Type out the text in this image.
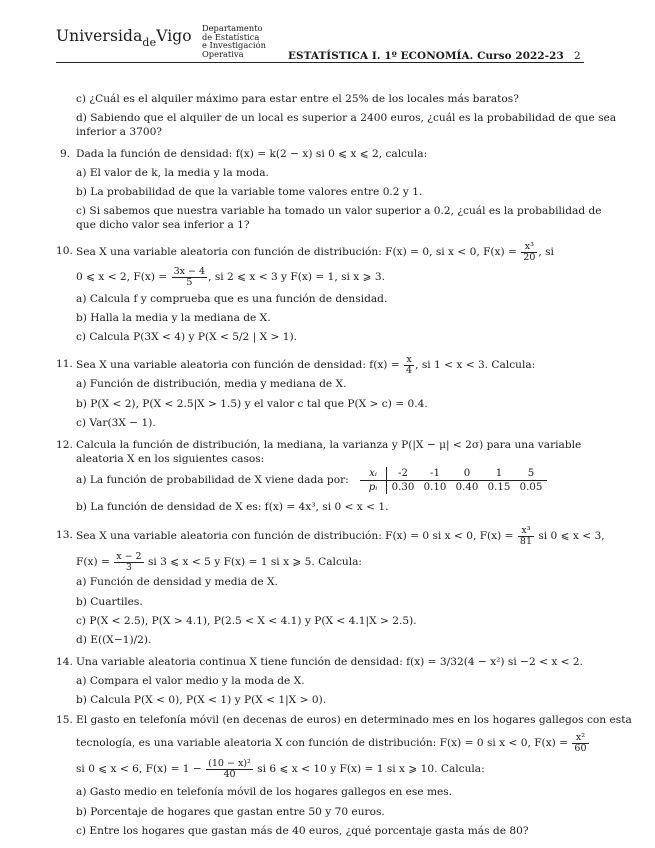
Universida$_{de}$Vigo Departamento
de Estatística
e Investigación
Operativa	ESTATÍSTICA I. 1º ECONOMÍA. Curso 2022-23 2
c) ¿Cuál es el alquiler máximo para estar entre el 25% de los locales más baratos?
d) Sabiendo que el alquiler de un local es superior a 2400 euros, ¿cuál es la probabilidad de que sea
inferior a 3700?
9. Dada la función de densidad: f(x) = k(2 − x) si 0 ⩽ x ⩽ 2, calcula:
a) El valor de k, la media y la moda.
b) La probabilidad de que la variable tome valores entre 0.2 y 1.
c) Si sabemos que nuestra variable ha tomado un valor superior a 0.2, ¿cuál es la probabilidad de
que dicho valor sea inferior a 1?
10. Sea X una variable aleatoria con función de distribución: F(x) = 0, si x < 0, $F(x) = \frac{\text{x³}}{20}$ , si
0 ⩽ x < 2, $F(x) = \frac{3x - 4}{5}$ , si 2 ⩽ x < 3 y F(x) = 1, si x ⩾ 3.
a) Calcula f y comprueba que es una función de densidad.
b) Halla la media y la mediana de X.
c) Calcula P(3X < 4) y P(X < 5/2 | X > 1).
11. Sea X una variable aleatoria con función de densidad: $f(x) = \frac{x}{4}$ , si 1 < x < 3. Calcula:
a) Función de distribución, media y mediana de X.
b) P(X < 2), P(X < 2.5|X > 1.5) y el valor c tal que P(X > c) = 0.4.
c) Var(3X − 1).
12. Calcula la función de distribución, la mediana, la varianza y P(|X − μ| < 2σ) para una variable
aleatoria X en los siguientes casos:
a) La función de probabilidad de X viene dada por:
xᵢ	-2	-1	0	1	5
pᵢ	0.30	0.10	0.40	0.15	0.05
b) La función de densidad de X es: f(x) = 4x³, si 0 < x < 1.
13. Sea X una variable aleatoria con función de distribución: F(x) = 0 si x < 0, $F(x) = \frac{\text{x³}}{81}$ si 0 ⩽ x < 3,
$F(x) = \frac{x - 2}{3}$ si 3 ⩽ x < 5 y F(x) = 1 si x ⩾ 5. Calcula:
a) Función de densidad y media de X.
b) Cuartiles.
c) P(X < 2.5), P(X > 4.1), P(2.5 < X < 4.1) y P(X < 4.1|X > 2.5).
d) E((X−1)/2).
14. Una variable aleatoria continua X tiene función de densidad: f(x) = 3/32(4 − x²) si −2 < x < 2.
a) Compara el valor medio y la moda de X.
b) Calcula P(X < 0), P(X < 1) y P(X < 1|X > 0).
15. El gasto en telefonía móvil (en decenas de euros) en determinado mes en los hogares gallegos con esta
tecnología, es una variable aleatoria X con función de distribución: F(x) = 0 si x < 0, $F(x) = \frac{\text{x²}}{60}$
si 0 ⩽ x < 6, $F(x) = 1 - \frac{\text{(10 − x)²}}{40}$ si 6 ⩽ x < 10 y F(x) = 1 si x ⩾ 10. Calcula:
a) Gasto medio en telefonía móvil de los hogares gallegos en ese mes.
b) Porcentaje de hogares que gastan entre 50 y 70 euros.
c) Entre los hogares que gastan más de 40 euros, ¿qué porcentaje gasta más de 80?
